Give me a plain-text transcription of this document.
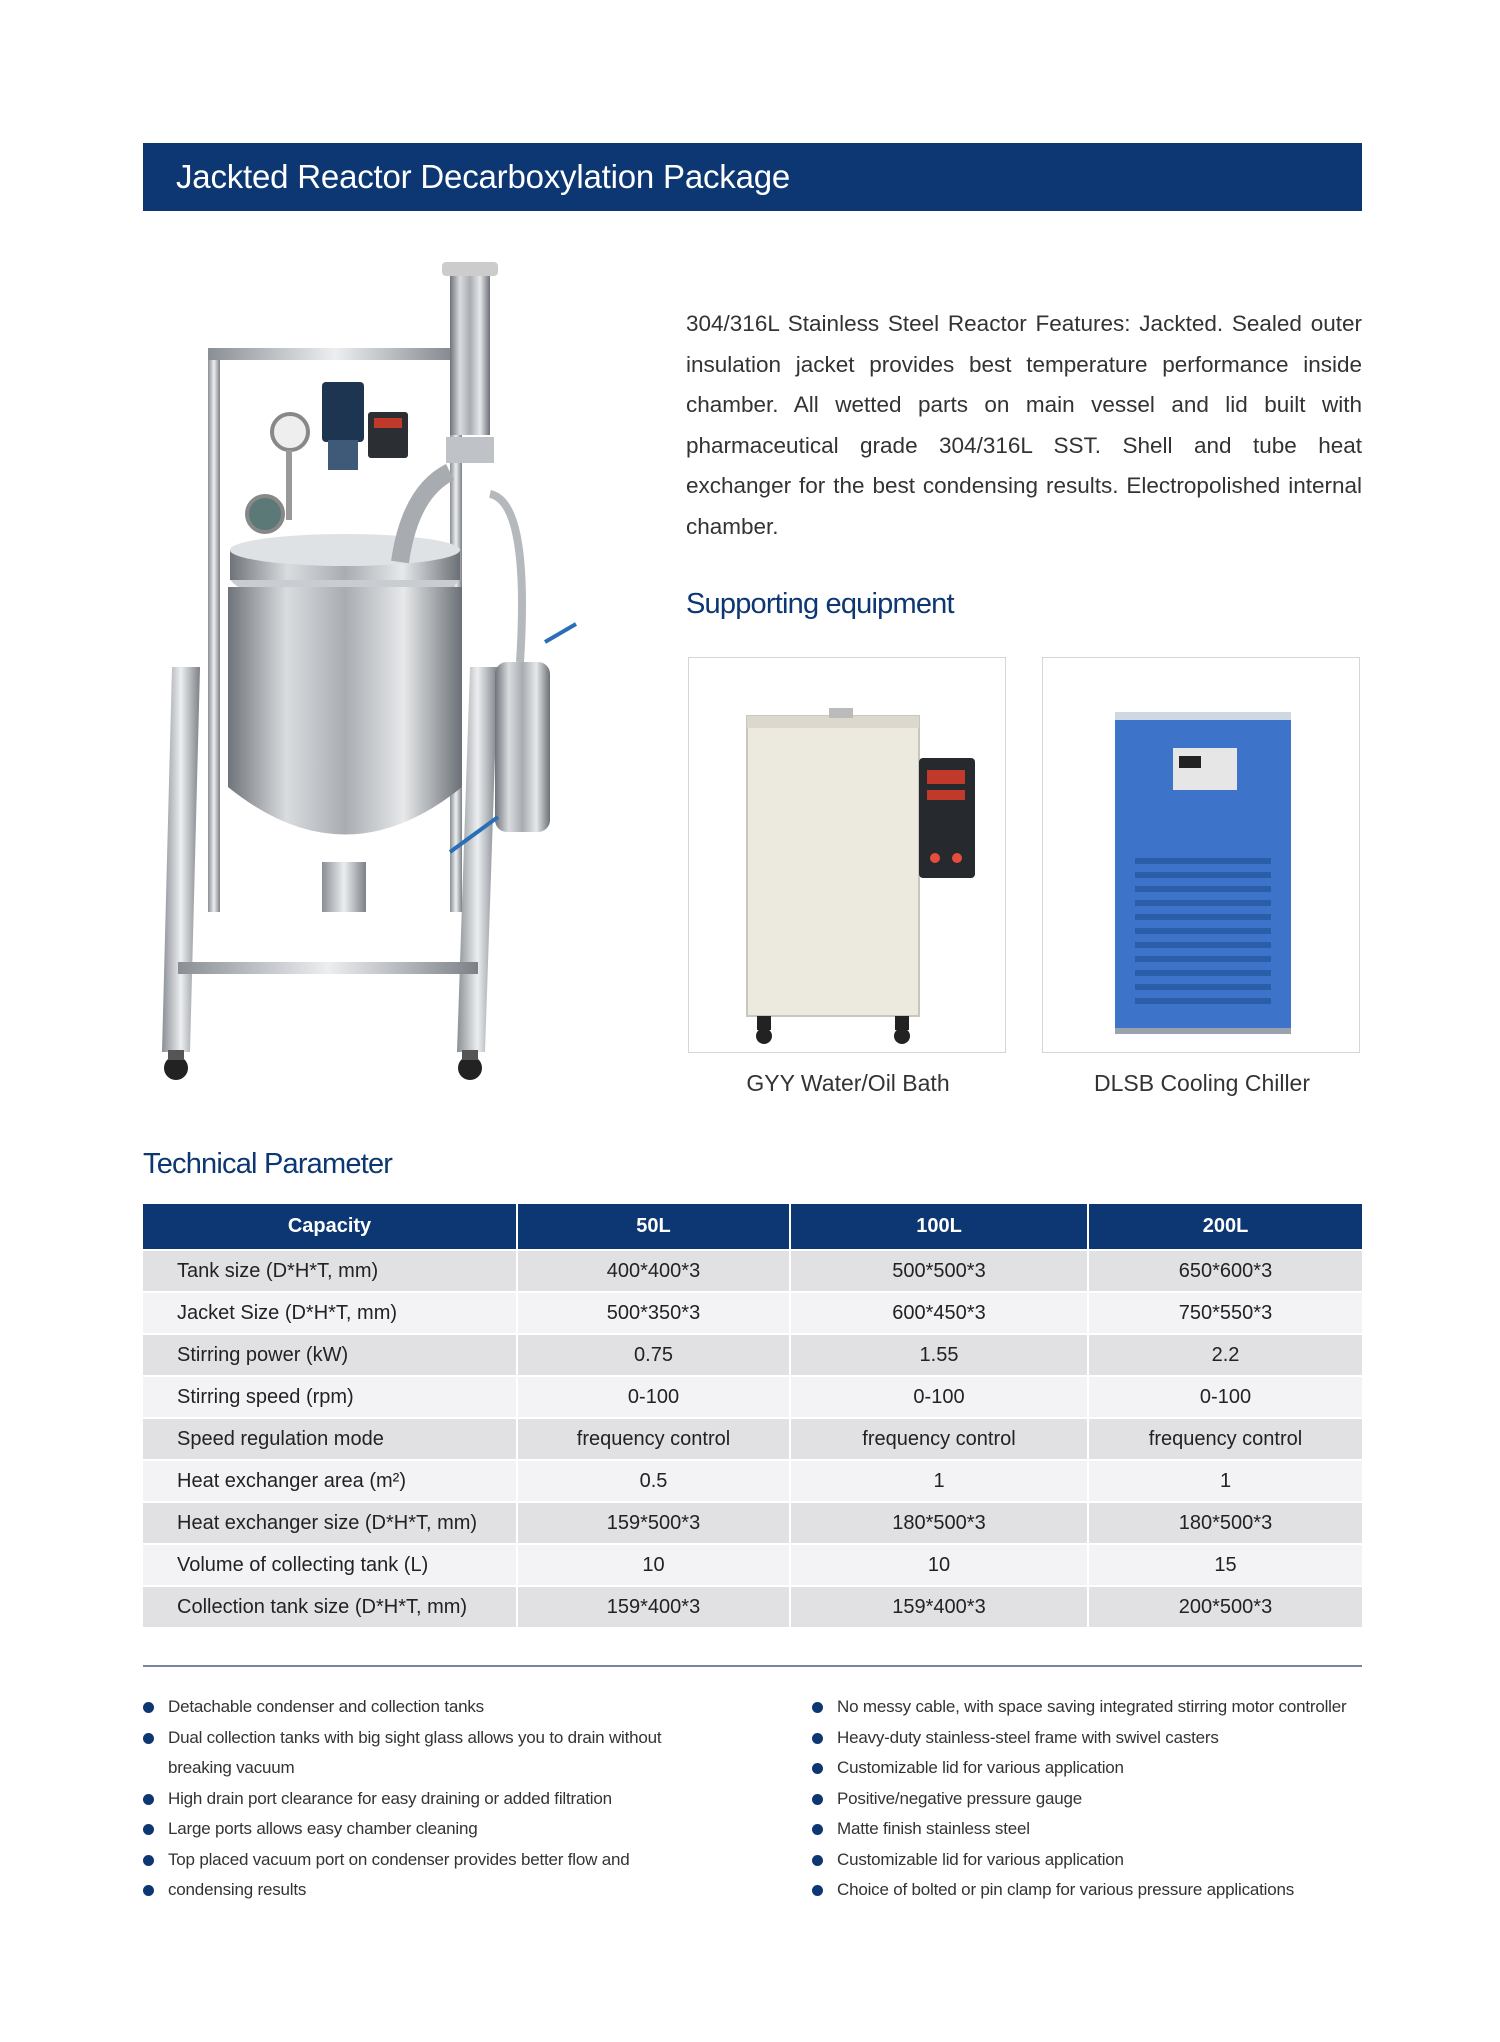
Jackted Reactor Decarboxylation Package
304/316L Stainless Steel Reactor Features: Jackted. Sealed outer insulation jacket provides best temperature performance inside chamber. All wetted parts on main vessel and lid built with pharmaceutical grade 304/316L SST. Shell and tube heat exchanger for the best condensing results. Electropolished internal chamber.
Supporting equipment
GYY Water/Oil Bath	DLSB Cooling Chiller
Technical Parameter
Capacity	50L	100L	200L
Tank size (D*H*T, mm)	400*400*3	500*500*3	650*600*3
Jacket Size (D*H*T, mm)	500*350*3	600*450*3	750*550*3
Stirring power (kW)	0.75	1.55	2.2
Stirring speed (rpm)	0-100	0-100	0-100
Speed regulation mode	frequency control	frequency control	frequency control
Heat exchanger area (m²)	0.5	1	1
Heat exchanger size (D*H*T, mm)	159*500*3	180*500*3	180*500*3
Volume of collecting tank (L)	10	10	15
Collection tank size (D*H*T, mm)	159*400*3	159*400*3	200*500*3
Detachable condenser and collection tanks
Dual collection tanks with big sight glass allows you to drain without
breaking vacuum
High drain port clearance for easy draining or added filtration
Large ports allows easy chamber cleaning
Top placed vacuum port on condenser provides better flow and
condensing results
No messy cable, with space saving integrated stirring motor controller
Heavy-duty stainless-steel frame with swivel casters
Customizable lid for various application
Positive/negative pressure gauge
Matte finish stainless steel
Customizable lid for various application
Choice of bolted or pin clamp for various pressure applications
